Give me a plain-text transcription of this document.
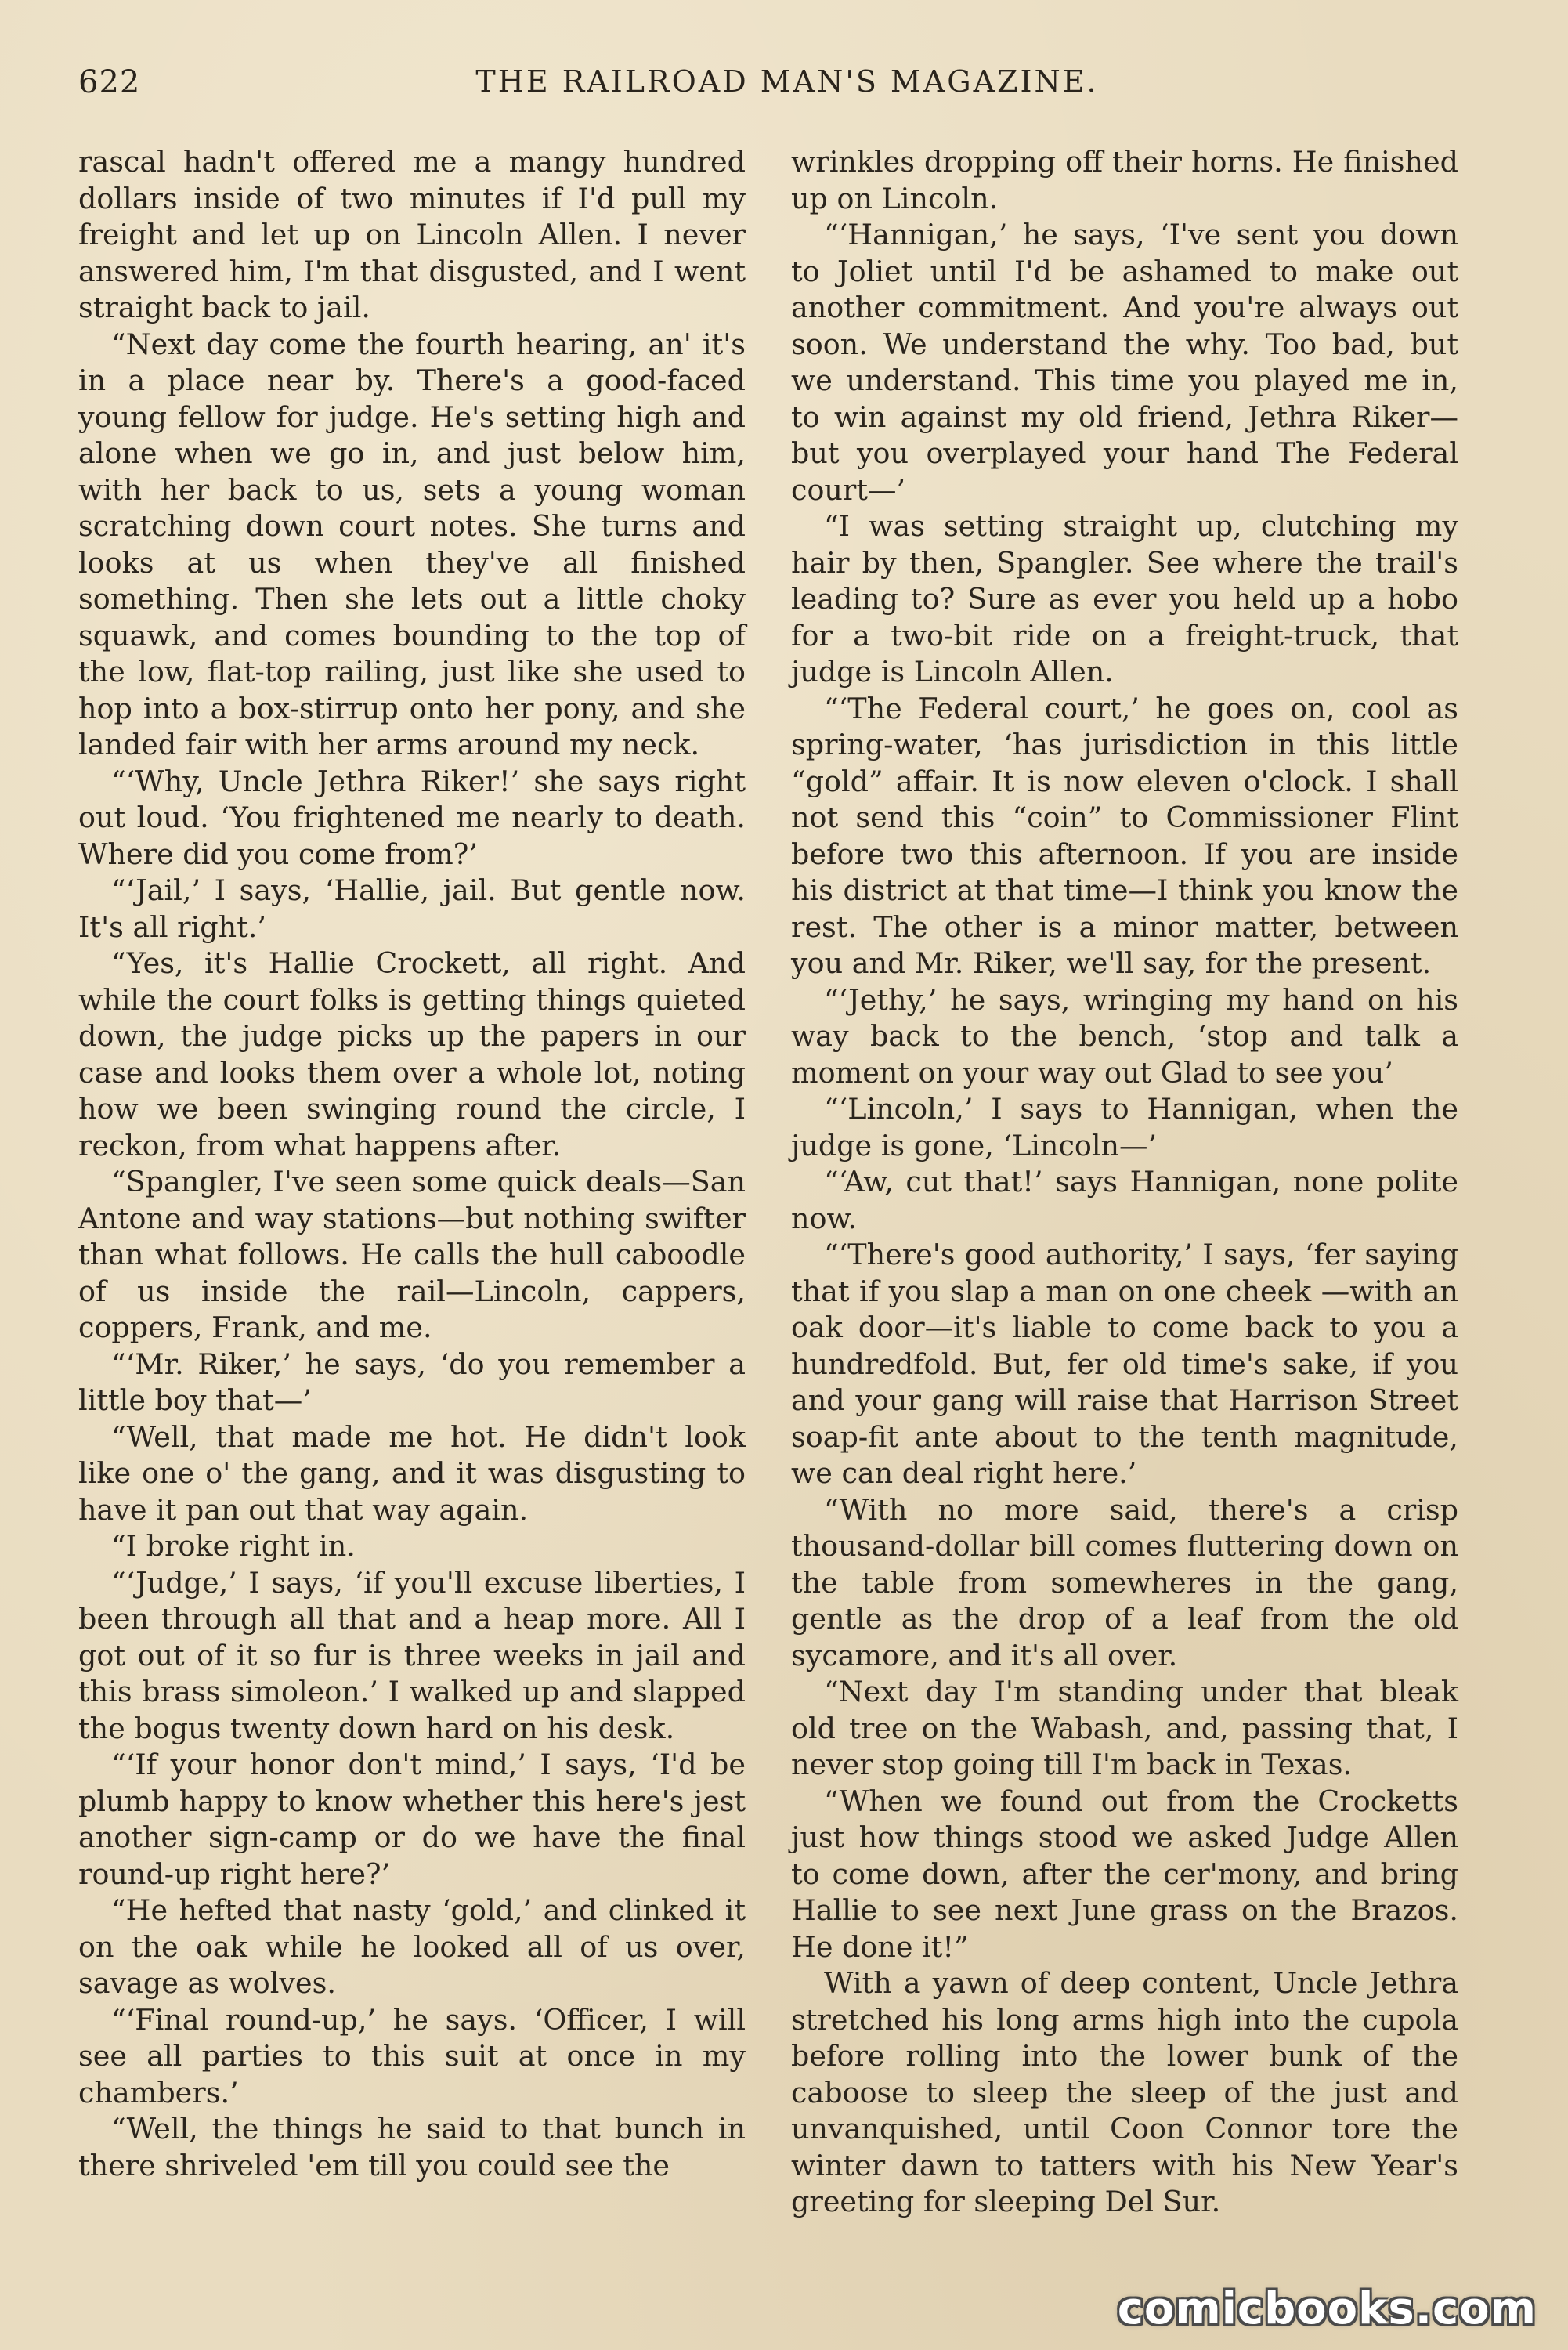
622	THE RAILROAD MAN'S MAGAZINE.

rascal hadn't offered me a mangy hundred dollars inside of two minutes if I'd pull my freight and let up on Lincoln Allen. I never answered him, I'm that disgusted, and I went straight back to jail.

“Next day come the fourth hearing, an' it's in a place near by. There's a good-faced young fellow for judge. He's setting high and alone when we go in, and just below him, with her back to us, sets a young woman scratching down court notes. She turns and looks at us when they've all finished something. Then she lets out a little choky squawk, and comes bounding to the top of the low, flat-top railing, just like she used to hop into a box-stirrup onto her pony, and she landed fair with her arms around my neck.

“‘Why, Uncle Jethra Riker!’ she says right out loud. ‘You frightened me nearly to death. Where did you come from?’

“‘Jail,’ I says, ‘Hallie, jail. But gentle now. It's all right.’

“Yes, it's Hallie Crockett, all right. And while the court folks is getting things quieted down, the judge picks up the papers in our case and looks them over a whole lot, noting how we been swinging round the circle, I reckon, from what happens after.

“Spangler, I've seen some quick deals—San Antone and way stations—but nothing swifter than what follows. He calls the hull caboodle of us inside the rail—Lincoln, cappers, coppers, Frank, and me.

“‘Mr. Riker,’ he says, ‘do you remember a little boy that—’

“Well, that made me hot. He didn't look like one o' the gang, and it was disgusting to have it pan out that way again.

“I broke right in.

“‘Judge,’ I says, ‘if you'll excuse liberties, I been through all that and a heap more. All I got out of it so fur is three weeks in jail and this brass simoleon.’ I walked up and slapped the bogus twenty down hard on his desk.

“‘If your honor don't mind,’ I says, ‘I'd be plumb happy to know whether this here's jest another sign-camp or do we have the final round-up right here?’

“He hefted that nasty ‘gold,’ and clinked it on the oak while he looked all of us over, savage as wolves.

“‘Final round-up,’ he says. ‘Officer, I will see all parties to this suit at once in my chambers.’

“Well, the things he said to that bunch in there shriveled 'em till you could see the

wrinkles dropping off their horns. He finished up on Lincoln.

“‘Hannigan,’ he says, ‘I've sent you down to Joliet until I'd be ashamed to make out another commitment. And you're always out soon. We understand the why. Too bad, but we understand. This time you played me in, to win against my old friend, Jethra Riker—but you overplayed your hand The Federal court—’

“I was setting straight up, clutching my hair by then, Spangler. See where the trail's leading to? Sure as ever you held up a hobo for a two-bit ride on a freight-truck, that judge is Lincoln Allen.

“‘The Federal court,’ he goes on, cool as spring-water, ‘has jurisdiction in this little “gold” affair. It is now eleven o'clock. I shall not send this “coin” to Commissioner Flint before two this afternoon. If you are inside his district at that time—I think you know the rest. The other is a minor matter, between you and Mr. Riker, we'll say, for the present.

“‘Jethy,’ he says, wringing my hand on his way back to the bench, ‘stop and talk a moment on your way out Glad to see you’

“‘Lincoln,’ I says to Hannigan, when the judge is gone, ‘Lincoln—’

“‘Aw, cut that!’ says Hannigan, none polite now.

“‘There's good authority,’ I says, ‘fer saying that if you slap a man on one cheek —with an oak door—it's liable to come back to you a hundredfold. But, fer old time's sake, if you and your gang will raise that Harrison Street soap-fit ante about to the tenth magnitude, we can deal right here.’

“With no more said, there's a crisp thousand-dollar bill comes fluttering down on the table from somewheres in the gang, gentle as the drop of a leaf from the old sycamore, and it's all over.

“Next day I'm standing under that bleak old tree on the Wabash, and, passing that, I never stop going till I'm back in Texas.

“When we found out from the Crocketts just how things stood we asked Judge Allen to come down, after the cer'mony, and bring Hallie to see next June grass on the Brazos. He done it!”

With a yawn of deep content, Uncle Jethra stretched his long arms high into the cupola before rolling into the lower bunk of the caboose to sleep the sleep of the just and unvanquished, until Coon Connor tore the winter dawn to tatters with his New Year's greeting for sleeping Del Sur.

comicbooks.com
